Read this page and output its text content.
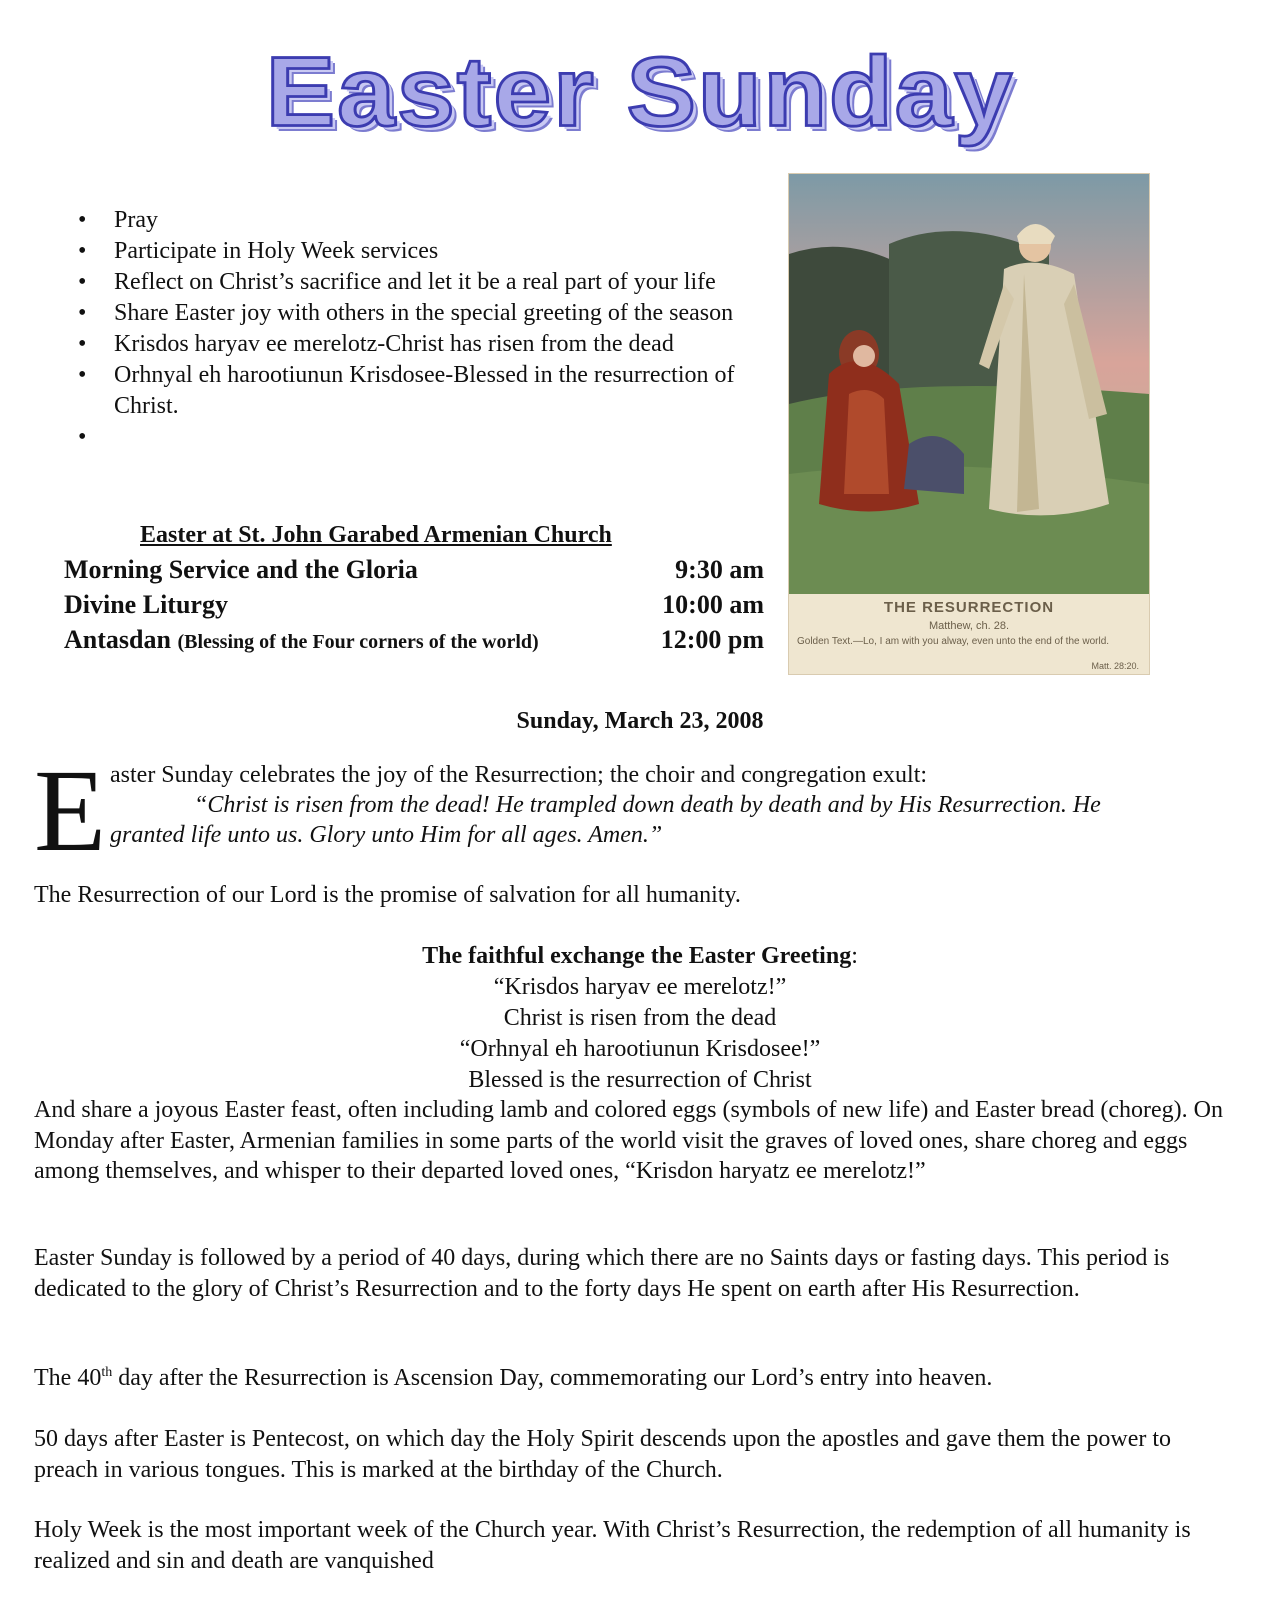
Easter Sunday
• Pray
• Participate in Holy Week services
• Reflect on Christ’s sacrifice and let it be a real part of your life
• Share Easter joy with others in the special greeting of the season
• Krisdos haryav ee merelotz-Christ has risen from the dead
• Orhnyal eh harootiunun Krisdosee-Blessed in the resurrection of Christ.
•
Easter at St. John Garabed Armenian Church
Morning Service and the Gloria	9:30 am
Divine Liturgy	10:00 am
Antasdan (Blessing of the Four corners of the world)	12:00 pm
THE RESURRECTION
Matthew, ch. 28.
Golden Text.—Lo, I am with you alway, even unto the end of the world.
Matt. 28:20.
Sunday, March 23, 2008
E aster Sunday celebrates the joy of the Resurrection; the choir and congregation exult:
“Christ is risen from the dead! He trampled down death by death and by His Resurrection. He
granted life unto us. Glory unto Him for all ages. Amen.”

The Resurrection of our Lord is the promise of salvation for all humanity.

The faithful exchange the Easter Greeting:
“Krisdos haryav ee merelotz!”
Christ is risen from the dead
“Orhnyal eh harootiunun Krisdosee!”
Blessed is the resurrection of Christ

And share a joyous Easter feast, often including lamb and colored eggs (symbols of new life) and Easter bread (choreg). On Monday after Easter, Armenian families in some parts of the world visit the graves of loved ones, share choreg and eggs among themselves, and whisper to their departed loved ones, “Krisdon haryatz ee merelotz!”

Easter Sunday is followed by a period of 40 days, during which there are no Saints days or fasting days. This period is dedicated to the glory of Christ’s Resurrection and to the forty days He spent on earth after His Resurrection.

The 40th day after the Resurrection is Ascension Day, commemorating our Lord’s entry into heaven.

50 days after Easter is Pentecost, on which day the Holy Spirit descends upon the apostles and gave them the power to preach in various tongues. This is marked at the birthday of the Church.

Holy Week is the most important week of the Church year. With Christ’s Resurrection, the redemption of all humanity is realized and sin and death are vanquished
